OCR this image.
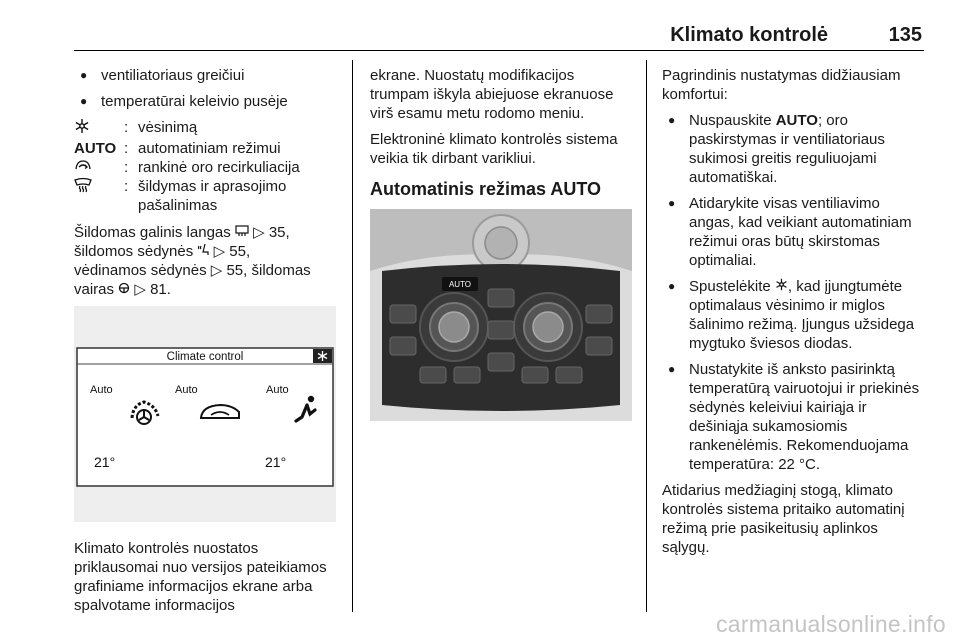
Klimato kontrolė	135
● ventiliatoriaus greičiui
● temperatūrai keleivio pusėje
: vėsinimą
AUTO : automatiniam režimui
: rankinė oro recirkuliacija
: šildymas ir aprasojimo pašalinimas

Šildomas galinis langas ▷ 35,
šildomos sėdynės ▷ 55,
vėdinamos sėdynės ▷ 55, šildomas
vairas ▷ 81.

Climate control
Auto	Auto	Auto
21°	21°

Klimato kontrolės nuostatos priklausomai nuo versijos pateikiamos grafiniame informacijos ekrane arba spalvotame informacijos

ekrane. Nuostatų modifikacijos trumpam iškyla abiejuose ekranuose virš esamu metu rodomo meniu.

Elektroninė klimato kontrolės sistema veikia tik dirbant varikliui.

Automatinis režimas AUTO
AUTO

Pagrindinis nustatymas didžiausiam komfortui:

● Nuspauskite AUTO; oro paskirstymas ir ventiliatoriaus sukimosi greitis reguliuojami automatiškai.
● Atidarykite visas ventiliavimo angas, kad veikiant automatiniam režimui oras būtų skirstomas optimaliai.
● Spustelėkite , kad įjungtumėte optimalaus vėsinimo ir miglos šalinimo režimą. Įjungus užsidega mygtuko šviesos diodas.
● Nustatykite iš anksto pasirinktą temperatūrą vairuotojui ir priekinės sėdynės keleiviui kairiąja ir dešiniąja sukamosiomis rankenėlėmis. Rekomenduojama temperatūra: 22 °C.

Atidarius medžiaginį stogą, klimato kontrolės sistema pritaiko automatinį režimą prie pasikeitusių aplinkos sąlygų.

carmanualsonline.info
